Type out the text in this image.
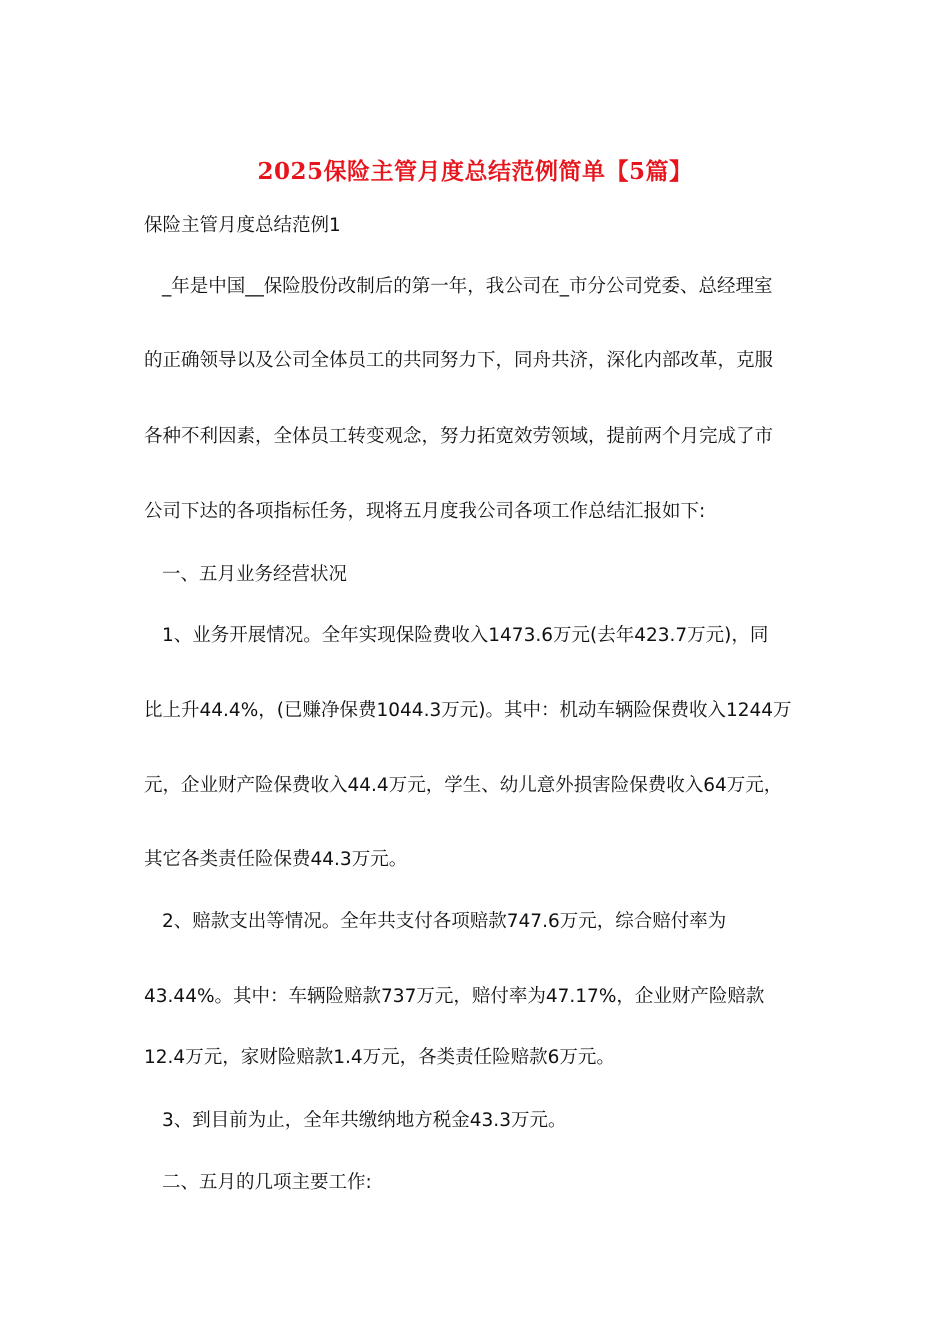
2025保险主管月度总结范例简单【5篇】
保险主管月度总结范例1
_年是中国__保险股份改制后的第一年，我公司在_市分公司党委、总经理室
的正确领导以及公司全体员工的共同努力下，同舟共济，深化内部改革，克服
各种不利因素，全体员工转变观念，努力拓宽效劳领域，提前两个月完成了市
公司下达的各项指标任务，现将五月度我公司各项工作总结汇报如下:
一、五月业务经营状况
1、业务开展情况。全年实现保险费收入1473.6万元(去年423.7万元)，同
比上升44.4%，(已赚净保费1044.3万元)。其中：机动车辆险保费收入1244万
元，企业财产险保费收入44.4万元，学生、幼儿意外损害险保费收入64万元，
其它各类责任险保费44.3万元。
2、赔款支出等情况。全年共支付各项赔款747.6万元，综合赔付率为
43.44%。其中：车辆险赔款737万元，赔付率为47.17%，企业财产险赔款
12.4万元，家财险赔款1.4万元，各类责任险赔款6万元。
3、到目前为止，全年共缴纳地方税金43.3万元。
二、五月的几项主要工作:
